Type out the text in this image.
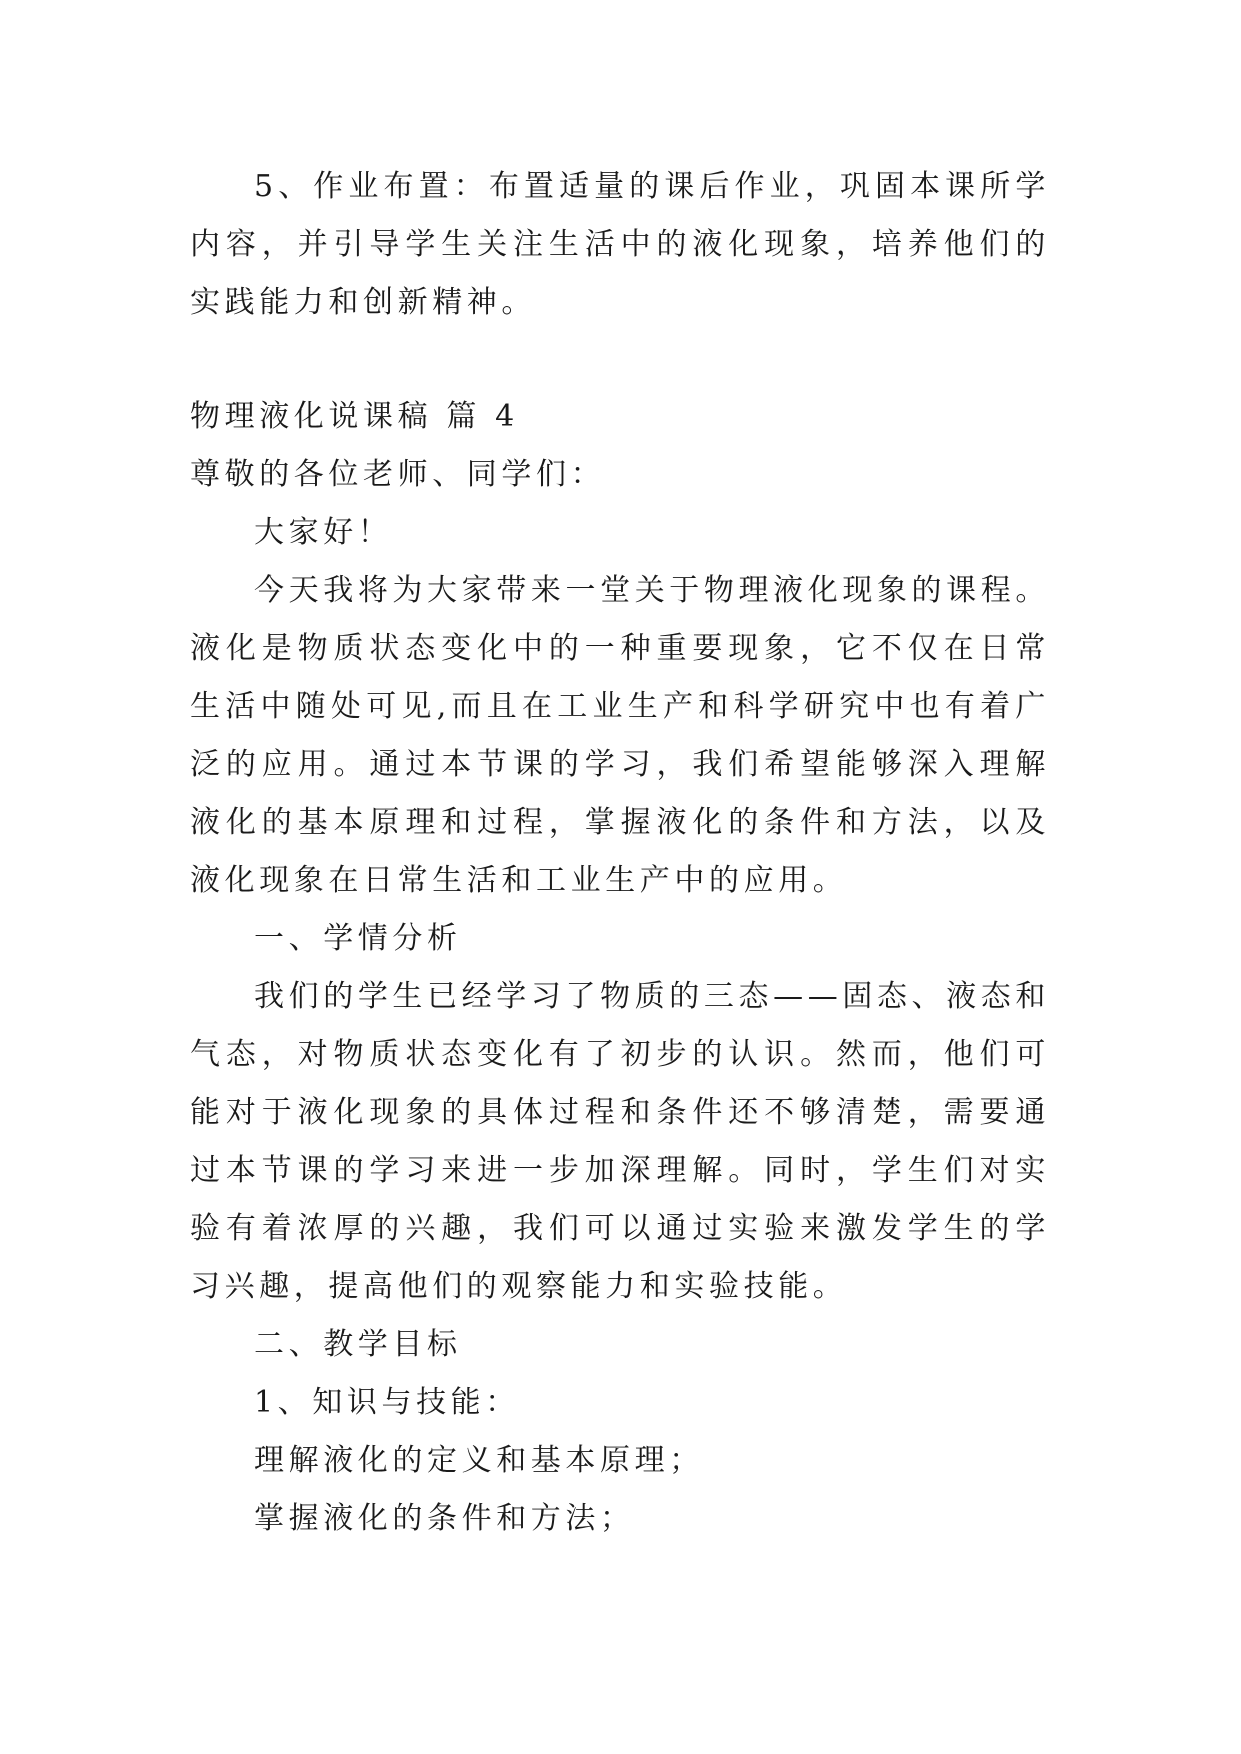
5、作业布置：布置适量的课后作业，巩固本课所学内容，并引导学生关注生活中的液化现象，培养他们的实践能力和创新精神。

物理液化说课稿 篇 4

尊敬的各位老师、同学们：

大家好！

今天我将为大家带来一堂关于物理液化现象的课程。液化是物质状态变化中的一种重要现象，它不仅在日常生活中随处可见,而且在工业生产和科学研究中也有着广泛的应用。通过本节课的学习，我们希望能够深入理解液化的基本原理和过程，掌握液化的条件和方法，以及液化现象在日常生活和工业生产中的应用。

一、学情分析

我们的学生已经学习了物质的三态——固态、液态和气态，对物质状态变化有了初步的认识。然而，他们可能对于液化现象的具体过程和条件还不够清楚，需要通过本节课的学习来进一步加深理解。同时，学生们对实验有着浓厚的兴趣，我们可以通过实验来激发学生的学习兴趣，提高他们的观察能力和实验技能。

二、教学目标

1、知识与技能：

理解液化的定义和基本原理；

掌握液化的条件和方法；
